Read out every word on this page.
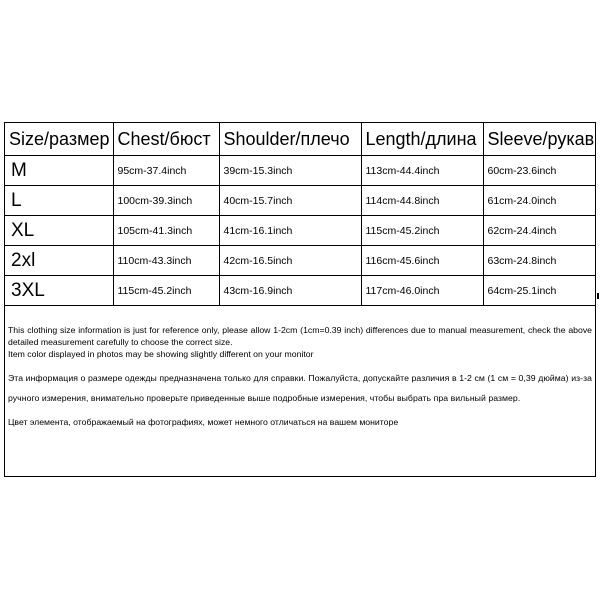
Size/размер	Chest/бюст	Shoulder/плечо	Length/длина	Sleeve/рукав
M	95cm-37.4inch	39cm-15.3inch	113cm-44.4inch	60cm-23.6inch
L	100cm-39.3inch	40cm-15.7inch	114cm-44.8inch	61cm-24.0inch
XL	105cm-41.3inch	41cm-16.1inch	115cm-45.2inch	62cm-24.4inch
2xl	110cm-43.3inch	42cm-16.5inch	116cm-45.6inch	63cm-24.8inch
3XL	115cm-45.2inch	43cm-16.9inch	117cm-46.0inch	64cm-25.1inch

This clothing size information is just for reference only, please allow 1-2cm (1cm=0.39 inch) differences due to manual measurement, check the above detailed measurement carefully to choose the correct size.

Item color displayed in photos may be showing slightly different on your monitor

Эта информация о размере одежды предназначена только для справки. Пожалуйста, допускайте различия в 1-2 см (1 см = 0,39 дюйма) из-за ручного измерения, внимательно проверьте приведенные выше подробные измерения, чтобы выбрать пра вильный размер.

Цвет элемента, отображаемый на фотографиях, может немного отличаться на вашем мониторе
